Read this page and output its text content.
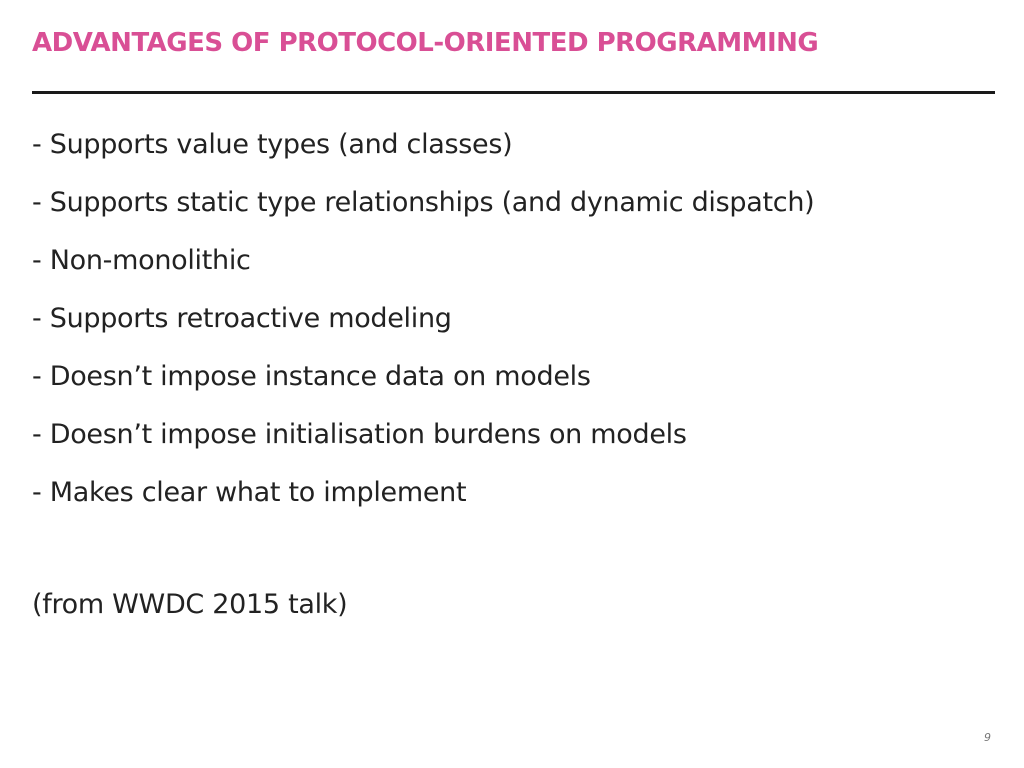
ADVANTAGES OF PROTOCOL-ORIENTED PROGRAMMING
- Supports value types (and classes)
- Supports static type relationships (and dynamic dispatch)
- Non-monolithic
- Supports retroactive modeling
- Doesn’t impose instance data on models
- Doesn’t impose initialisation burdens on models
- Makes clear what to implement

(from WWDC 2015 talk)

9
